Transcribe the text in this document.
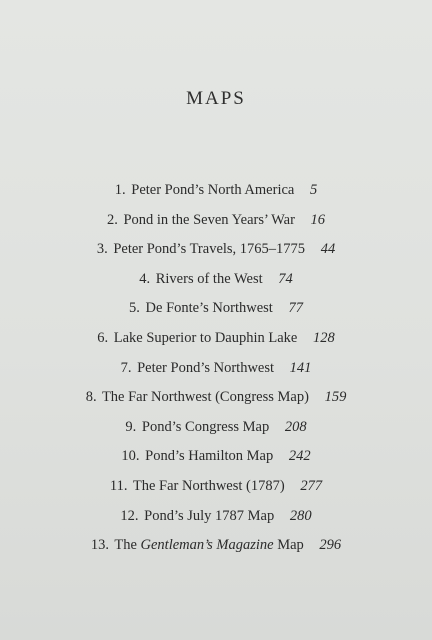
MAPS
1. Peter Pond’s North America 5
2. Pond in the Seven Years’ War 16
3. Peter Pond’s Travels, 1765–1775 44
4. Rivers of the West 74
5. De Fonte’s Northwest 77
6. Lake Superior to Dauphin Lake 128
7. Peter Pond’s Northwest 141
8. The Far Northwest (Congress Map) 159
9. Pond’s Congress Map 208
10. Pond’s Hamilton Map 242
11. The Far Northwest (1787) 277
12. Pond’s July 1787 Map 280
13. The Gentleman’s Magazine Map 296
